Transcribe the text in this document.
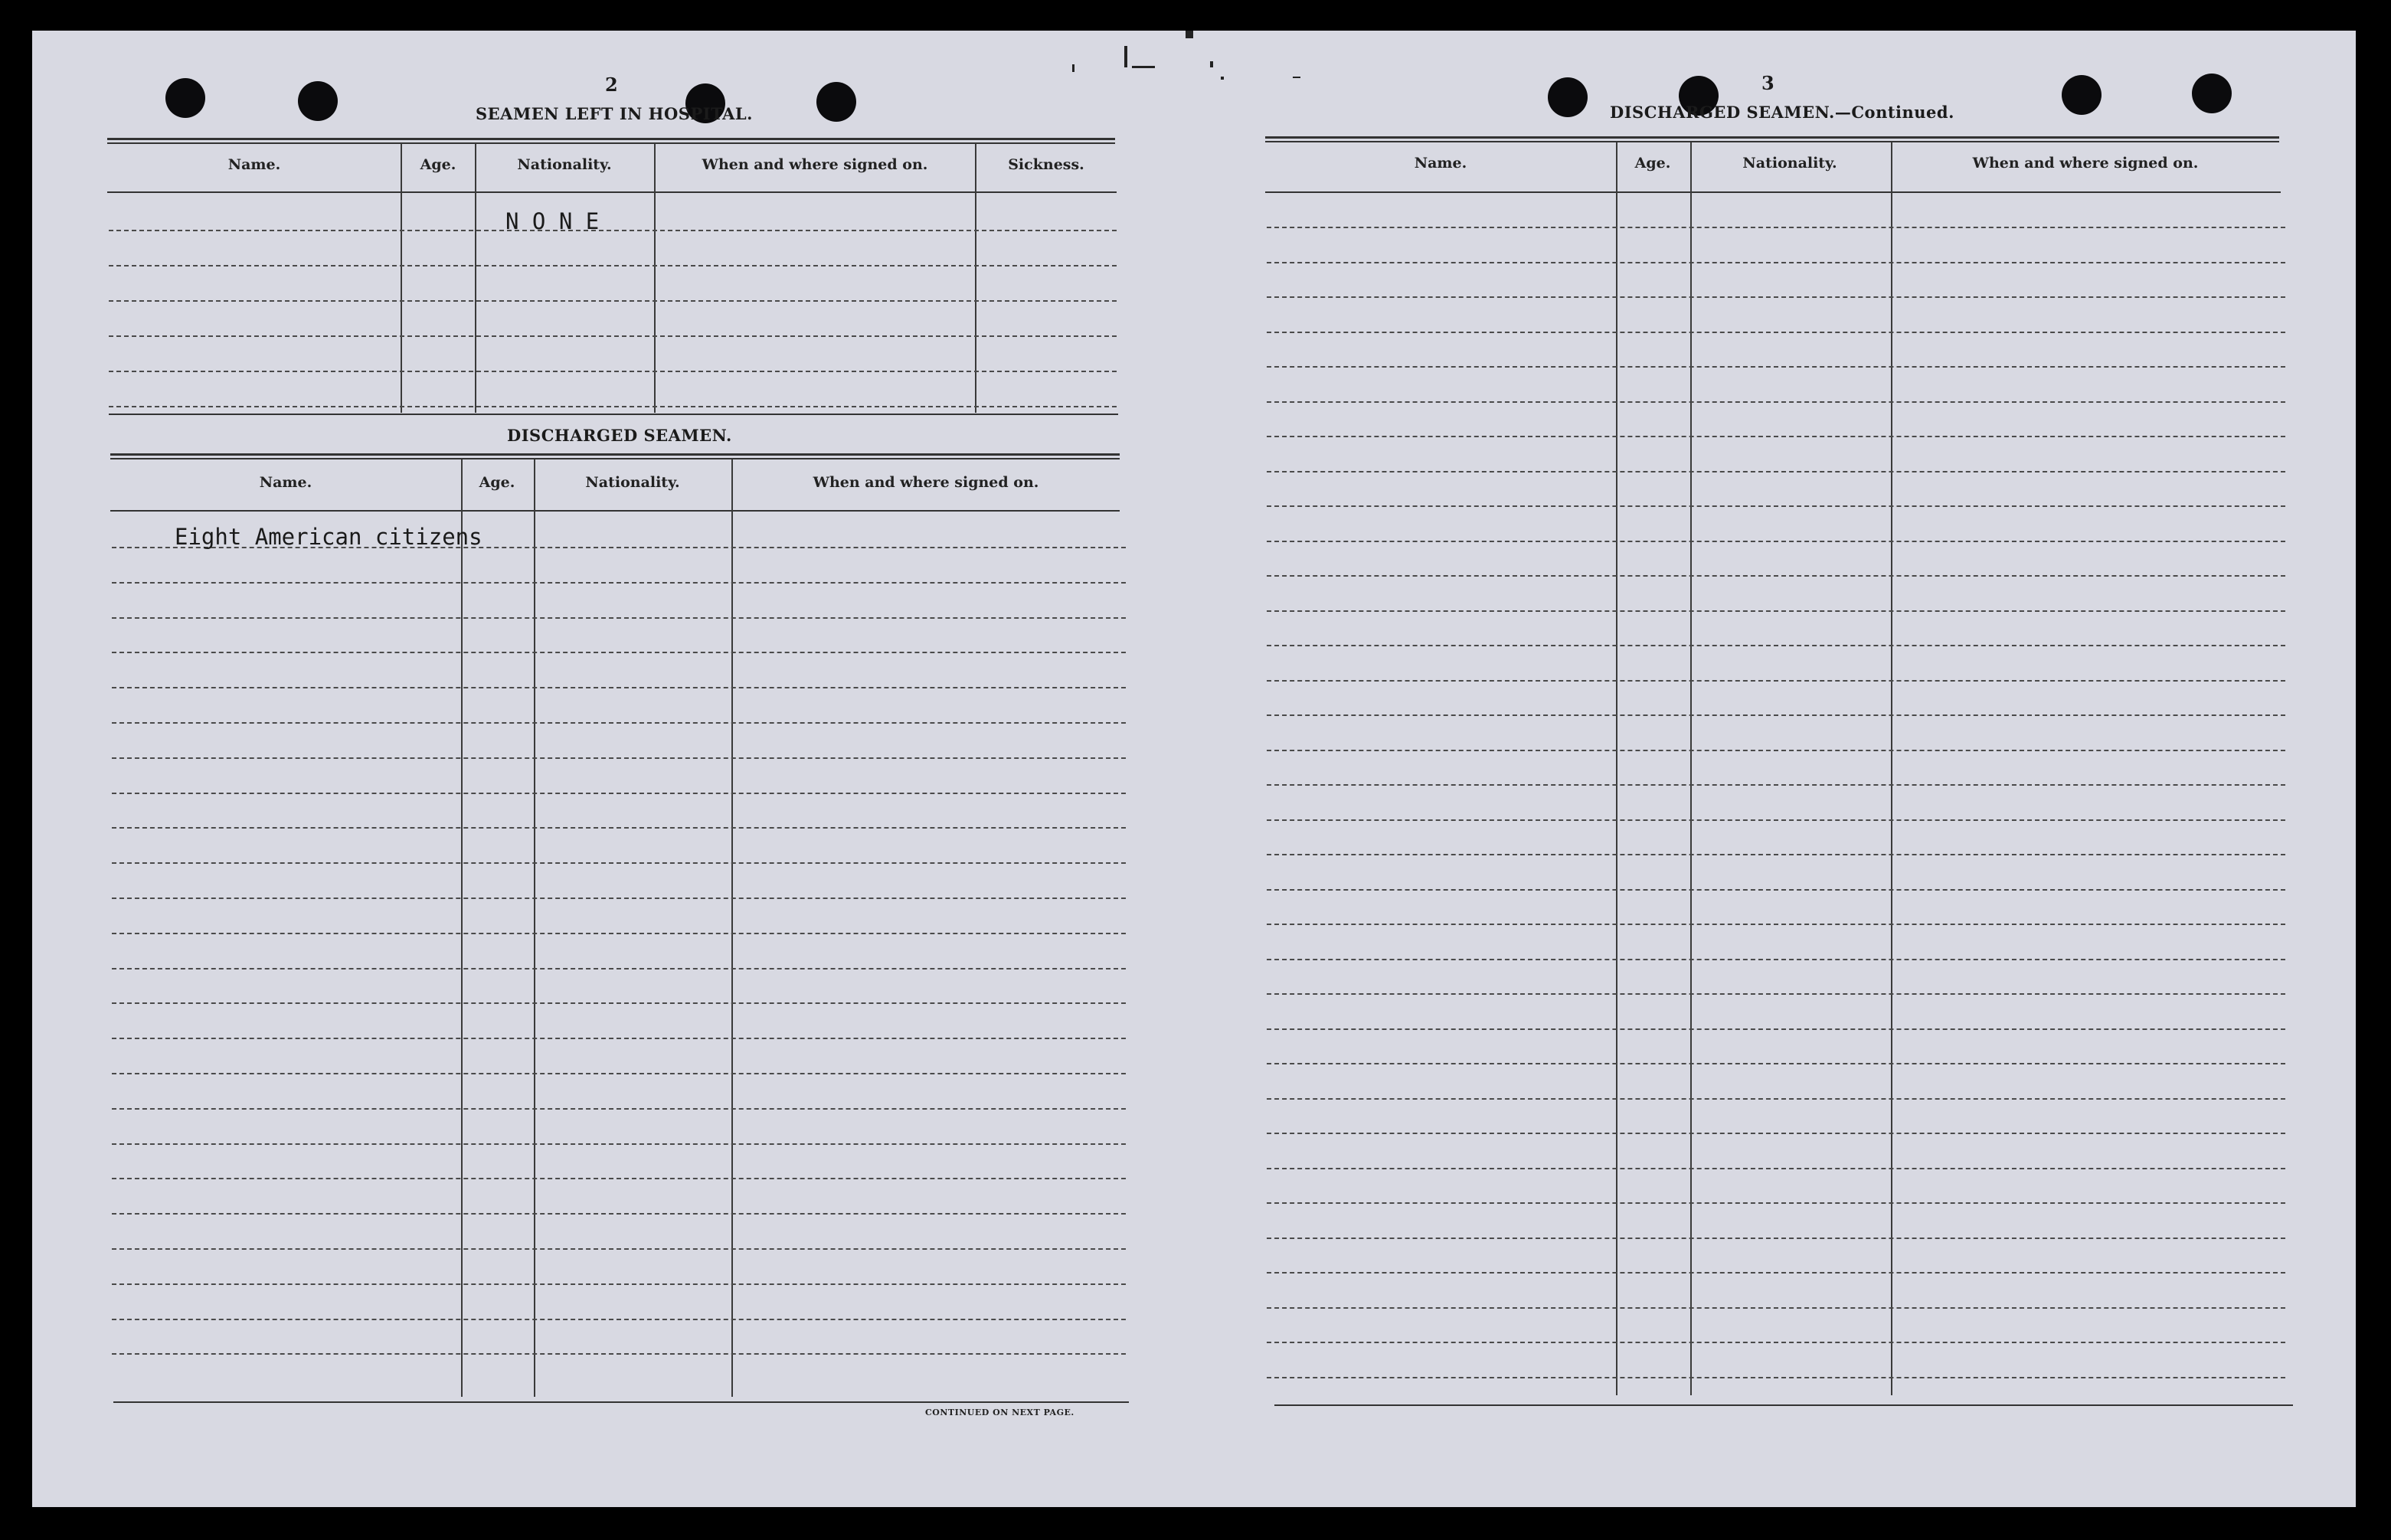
2
SEAMEN LEFT IN HOSPITAL.
Name.	Age.	Nationality.	When and where signed on.	Sickness.
N O N E
DISCHARGED SEAMEN.
Name.	Age.	Nationality.	When and where signed on.
Eight American citizens
CONTINUED ON NEXT PAGE.
3
DISCHARGED SEAMEN.—Continued.
Name.	Age.	Nationality.	When and where signed on.
